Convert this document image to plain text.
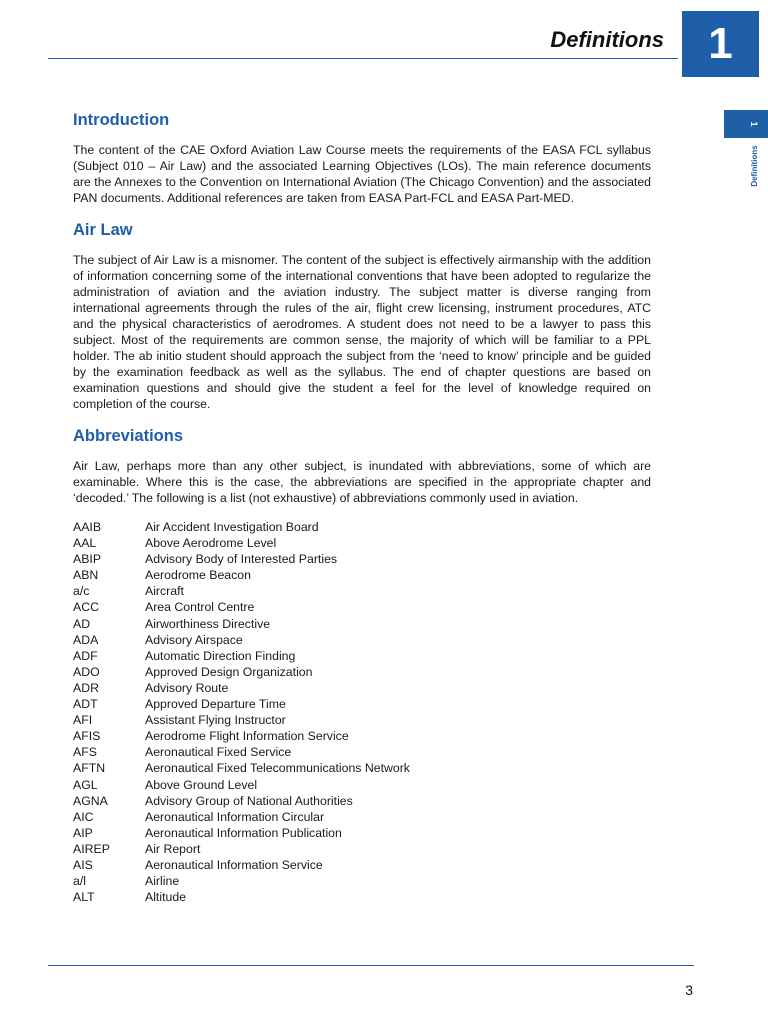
Definitions	1
1
Definitions
Introduction

The content of the CAE Oxford Aviation Law Course meets the requirements of the EASA FCL syllabus (Subject 010 – Air Law) and the associated Learning Objectives (LOs). The main reference documents are the Annexes to the Convention on International Aviation (The Chicago Convention) and the associated PAN documents. Additional references are taken from EASA Part-FCL and EASA Part-MED.

Air Law

The subject of Air Law is a misnomer. The content of the subject is effectively airmanship with the addition of information concerning some of the international conventions that have been adopted to regularize the administration of aviation and the aviation industry. The subject matter is diverse ranging from international agreements through the rules of the air, flight crew licensing, instrument procedures, ATC and the physical characteristics of aerodromes. A student does not need to be a lawyer to pass this subject. Most of the requirements are common sense, the majority of which will be familiar to a PPL holder. The ab initio student should approach the subject from the ‘need to know’ principle and be guided by the examination feedback as well as the syllabus. The end of chapter questions are based on examination questions and should give the student a feel for the level of knowledge required on completion of the course.

Abbreviations

Air Law, perhaps more than any other subject, is inundated with abbreviations, some of which are examinable. Where this is the case, the abbreviations are specified in the appropriate chapter and ‘decoded.’ The following is a list (not exhaustive) of abbreviations commonly used in aviation.

AAIB	Air Accident Investigation Board
AAL	Above Aerodrome Level
ABIP	Advisory Body of Interested Parties
ABN	Aerodrome Beacon
a/c	Aircraft
ACC	Area Control Centre
AD	Airworthiness Directive
ADA	Advisory Airspace
ADF	Automatic Direction Finding
ADO	Approved Design Organization
ADR	Advisory Route
ADT	Approved Departure Time
AFI	Assistant Flying Instructor
AFIS	Aerodrome Flight Information Service
AFS	Aeronautical Fixed Service
AFTN	Aeronautical Fixed Telecommunications Network
AGL	Above Ground Level
AGNA	Advisory Group of National Authorities
AIC	Aeronautical Information Circular
AIP	Aeronautical Information Publication
AIREP	Air Report
AIS	Aeronautical Information Service
a/l	Airline
ALT	Altitude
3
